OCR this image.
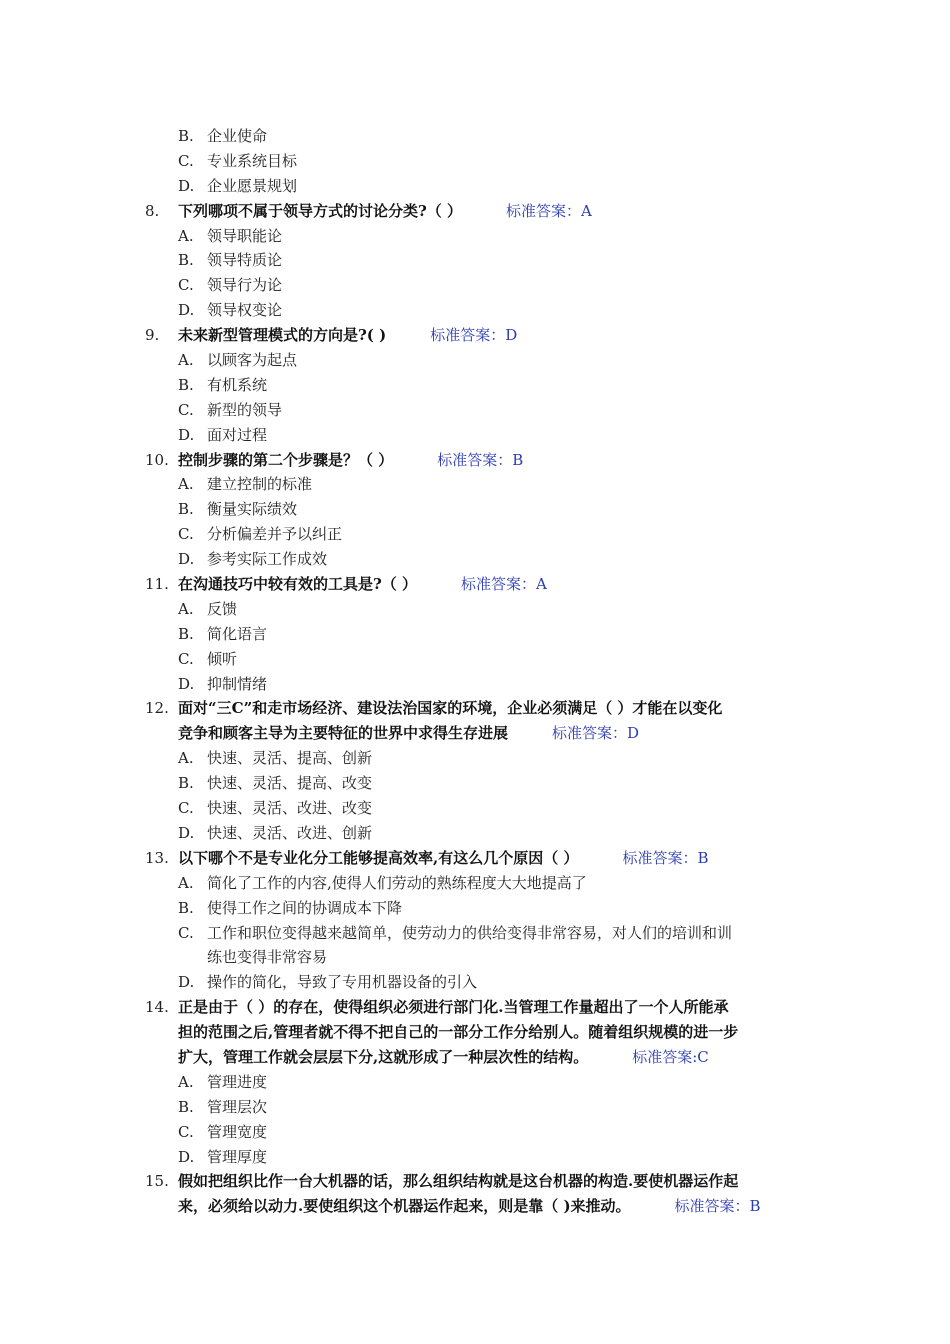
B. 企业使命
C. 专业系统目标
D. 企业愿景规划
8. 下列哪项不属于领导方式的讨论分类?（ ）	标准答案：A
A. 领导职能论
B. 领导特质论
C. 领导行为论
D. 领导权变论
9. 未来新型管理模式的方向是?( )	标准答案：D
A. 以顾客为起点
B. 有机系统
C. 新型的领导
D. 面对过程
10. 控制步骤的第二个步骤是？（ ）	标准答案：B
A. 建立控制的标准
B. 衡量实际绩效
C. 分析偏差并予以纠正
D. 参考实际工作成效
11. 在沟通技巧中较有效的工具是?（ ）	标准答案：A
A. 反馈
B. 简化语言
C. 倾听
D. 抑制情绪
12. 面对“三C”和走市场经济、建设法治国家的环境，企业必须满足（ ）才能在以变化
竞争和顾客主导为主要特征的世界中求得生存进展	标准答案：D
A. 快速、灵活、提高、创新
B. 快速、灵活、提高、改变
C. 快速、灵活、改进、改变
D. 快速、灵活、改进、创新
13. 以下哪个不是专业化分工能够提高效率,有这么几个原因（ ）	标准答案：B
A. 简化了工作的内容,使得人们劳动的熟练程度大大地提高了
B. 使得工作之间的协调成本下降
C. 工作和职位变得越来越简单，使劳动力的供给变得非常容易，对人们的培训和训
练也变得非常容易
D. 操作的简化，导致了专用机器设备的引入
14. 正是由于（ ）的存在，使得组织必须进行部门化.当管理工作量超出了一个人所能承
担的范围之后,管理者就不得不把自己的一部分工作分给别人。随着组织规模的进一步
扩大，管理工作就会层层下分,这就形成了一种层次性的结构。	标准答案:C
A. 管理进度
B. 管理层次
C. 管理宽度
D. 管理厚度
15. 假如把组织比作一台大机器的话，那么组织结构就是这台机器的构造.要使机器运作起
来，必须给以动力.要使组织这个机器运作起来，则是靠（ )来推动。	标准答案：B
